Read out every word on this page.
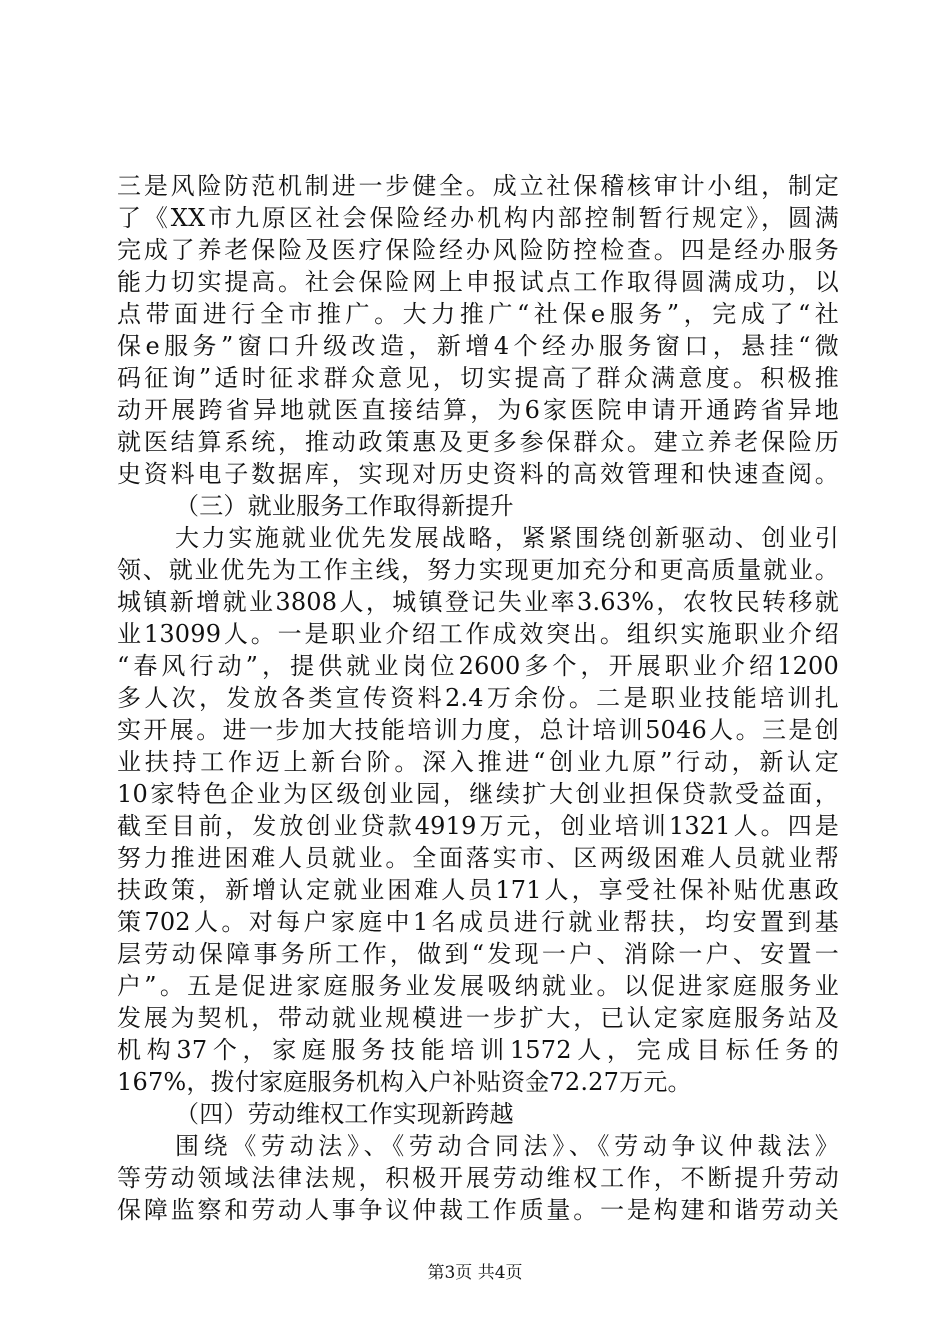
三是风险防范机制进一步健全。成立社保稽核审计小组，制定
了《XX市九原区社会保险经办机构内部控制暂行规定》，圆满
完成了养老保险及医疗保险经办风险防控检查。四是经办服务
能力切实提高。社会保险网上申报试点工作取得圆满成功，以
点带面进行全市推广。大力推广“社保e服务”，完成了“社
保e服务”窗口升级改造，新增4个经办服务窗口，悬挂“微
码征询”适时征求群众意见，切实提高了群众满意度。积极推
动开展跨省异地就医直接结算，为6家医院申请开通跨省异地
就医结算系统，推动政策惠及更多参保群众。建立养老保险历
史资料电子数据库，实现对历史资料的高效管理和快速查阅。
（三）就业服务工作取得新提升
大力实施就业优先发展战略，紧紧围绕创新驱动、创业引
领、就业优先为工作主线，努力实现更加充分和更高质量就业。
城镇新增就业3808人，城镇登记失业率3.63%，农牧民转移就
业13099人。一是职业介绍工作成效突出。组织实施职业介绍
“春风行动”，提供就业岗位2600多个，开展职业介绍1200
多人次，发放各类宣传资料2.4万余份。二是职业技能培训扎
实开展。进一步加大技能培训力度，总计培训5046人。三是创
业扶持工作迈上新台阶。深入推进“创业九原”行动，新认定
10家特色企业为区级创业园，继续扩大创业担保贷款受益面，
截至目前，发放创业贷款4919万元，创业培训1321人。四是
努力推进困难人员就业。全面落实市、区两级困难人员就业帮
扶政策，新增认定就业困难人员171人，享受社保补贴优惠政
策702人。对每户家庭中1名成员进行就业帮扶，均安置到基
层劳动保障事务所工作，做到“发现一户、消除一户、安置一
户”。五是促进家庭服务业发展吸纳就业。以促进家庭服务业
发展为契机，带动就业规模进一步扩大，已认定家庭服务站及
机构37个，家庭服务技能培训1572人，完成目标任务的
167%，拨付家庭服务机构入户补贴资金72.27万元。
（四）劳动维权工作实现新跨越
围绕《劳动法》、《劳动合同法》、《劳动争议仲裁法》
等劳动领域法律法规，积极开展劳动维权工作，不断提升劳动
保障监察和劳动人事争议仲裁工作质量。一是构建和谐劳动关
第3页 共4页
